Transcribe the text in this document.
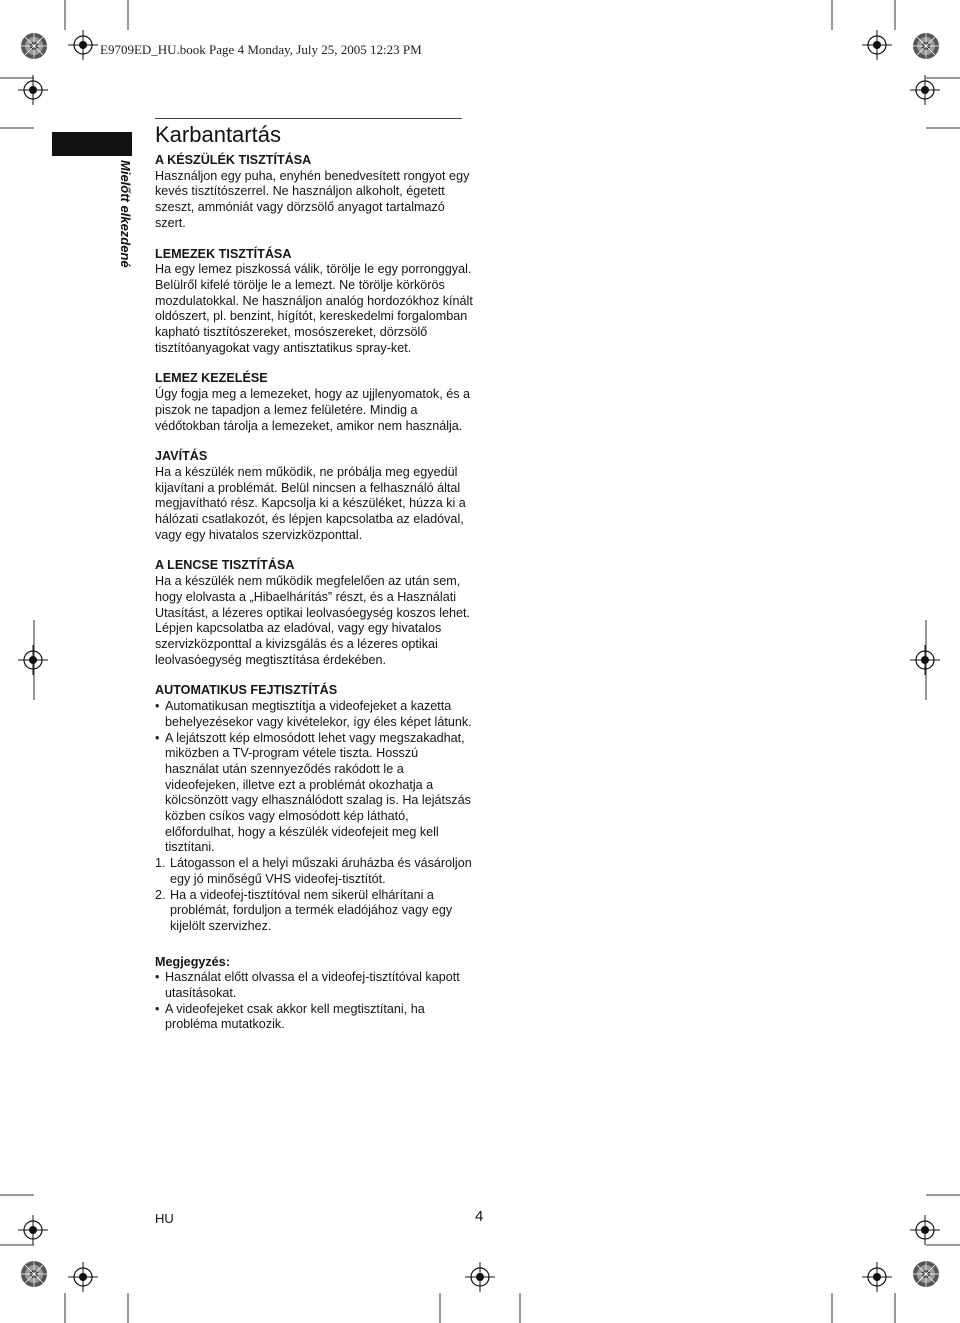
E9709ED_HU.book Page 4 Monday, July 25, 2005 12:23 PM
Mielőtt elkezdené
Karbantartás
A KÉSZÜLÉK TISZTÍTÁSA

Használjon egy puha, enyhén benedvesített rongyot egy kevés tisztítószerrel. Ne használjon alkoholt, égetett szeszt, ammóniát vagy dörzsölő anyagot tartalmazó szert.

LEMEZEK TISZTÍTÁSA

Ha egy lemez piszkossá válik, törölje le egy porronggyal. Belülről kifelé törölje le a lemezt. Ne törölje körkörös mozdulatokkal. Ne használjon analóg hordozókhoz kínált oldószert, pl. benzint, hígítót, kereskedelmi forgalomban kapható tisztítószereket, mosószereket, dörzsölő tisztítóanyagokat vagy antisztatikus spray-ket.

LEMEZ KEZELÉSE

Úgy fogja meg a lemezeket, hogy az ujjlenyomatok, és a piszok ne tapadjon a lemez felületére. Mindig a védőtokban tárolja a lemezeket, amikor nem használja.

JAVÍTÁS

Ha a készülék nem működik, ne próbálja meg egyedül kijavítani a problémát. Belül nincsen a felhasználó által megjavítható rész. Kapcsolja ki a készüléket, húzza ki a hálózati csatlakozót, és lépjen kapcsolatba az eladóval, vagy egy hivatalos szervizközponttal.

A LENCSE TISZTÍTÁSA

Ha a készülék nem működik megfelelően az után sem, hogy elolvasta a „Hibaelhárítás” részt, és a Használati Utasítást, a lézeres optikai leolvasóegység koszos lehet. Lépjen kapcsolatba az eladóval, vagy egy hivatalos szervizközponttal a kivizsgálás és a lézeres optikai leolvasóegység megtisztítása érdekében.

AUTOMATIKUS FEJTISZTÍTÁS
• Automatikusan megtisztítja a videofejeket a kazetta behelyezésekor vagy kivételekor, így éles képet látunk.
• A lejátszott kép elmosódott lehet vagy megszakadhat, miközben a TV-program vétele tiszta. Hosszú használat után szennyeződés rakódott le a videofejeken, illetve ezt a problémát okozhatja a kölcsönzött vagy elhasználódott szalag is. Ha lejátszás közben csíkos vagy elmosódott kép látható, előfordulhat, hogy a készülék videofejeit meg kell tisztítani.
1. Látogasson el a helyi műszaki áruházba és vásároljon egy jó minőségű VHS videofej-tisztítót.
2. Ha a videofej-tisztítóval nem sikerül elhárítani a problémát, forduljon a termék eladójához vagy egy kijelölt szervizhez.
Megjegyzés:
• Használat előtt olvassa el a videofej-tisztítóval kapott utasításokat.
• A videofejeket csak akkor kell megtisztítani, ha probléma mutatkozik.
HU	4
